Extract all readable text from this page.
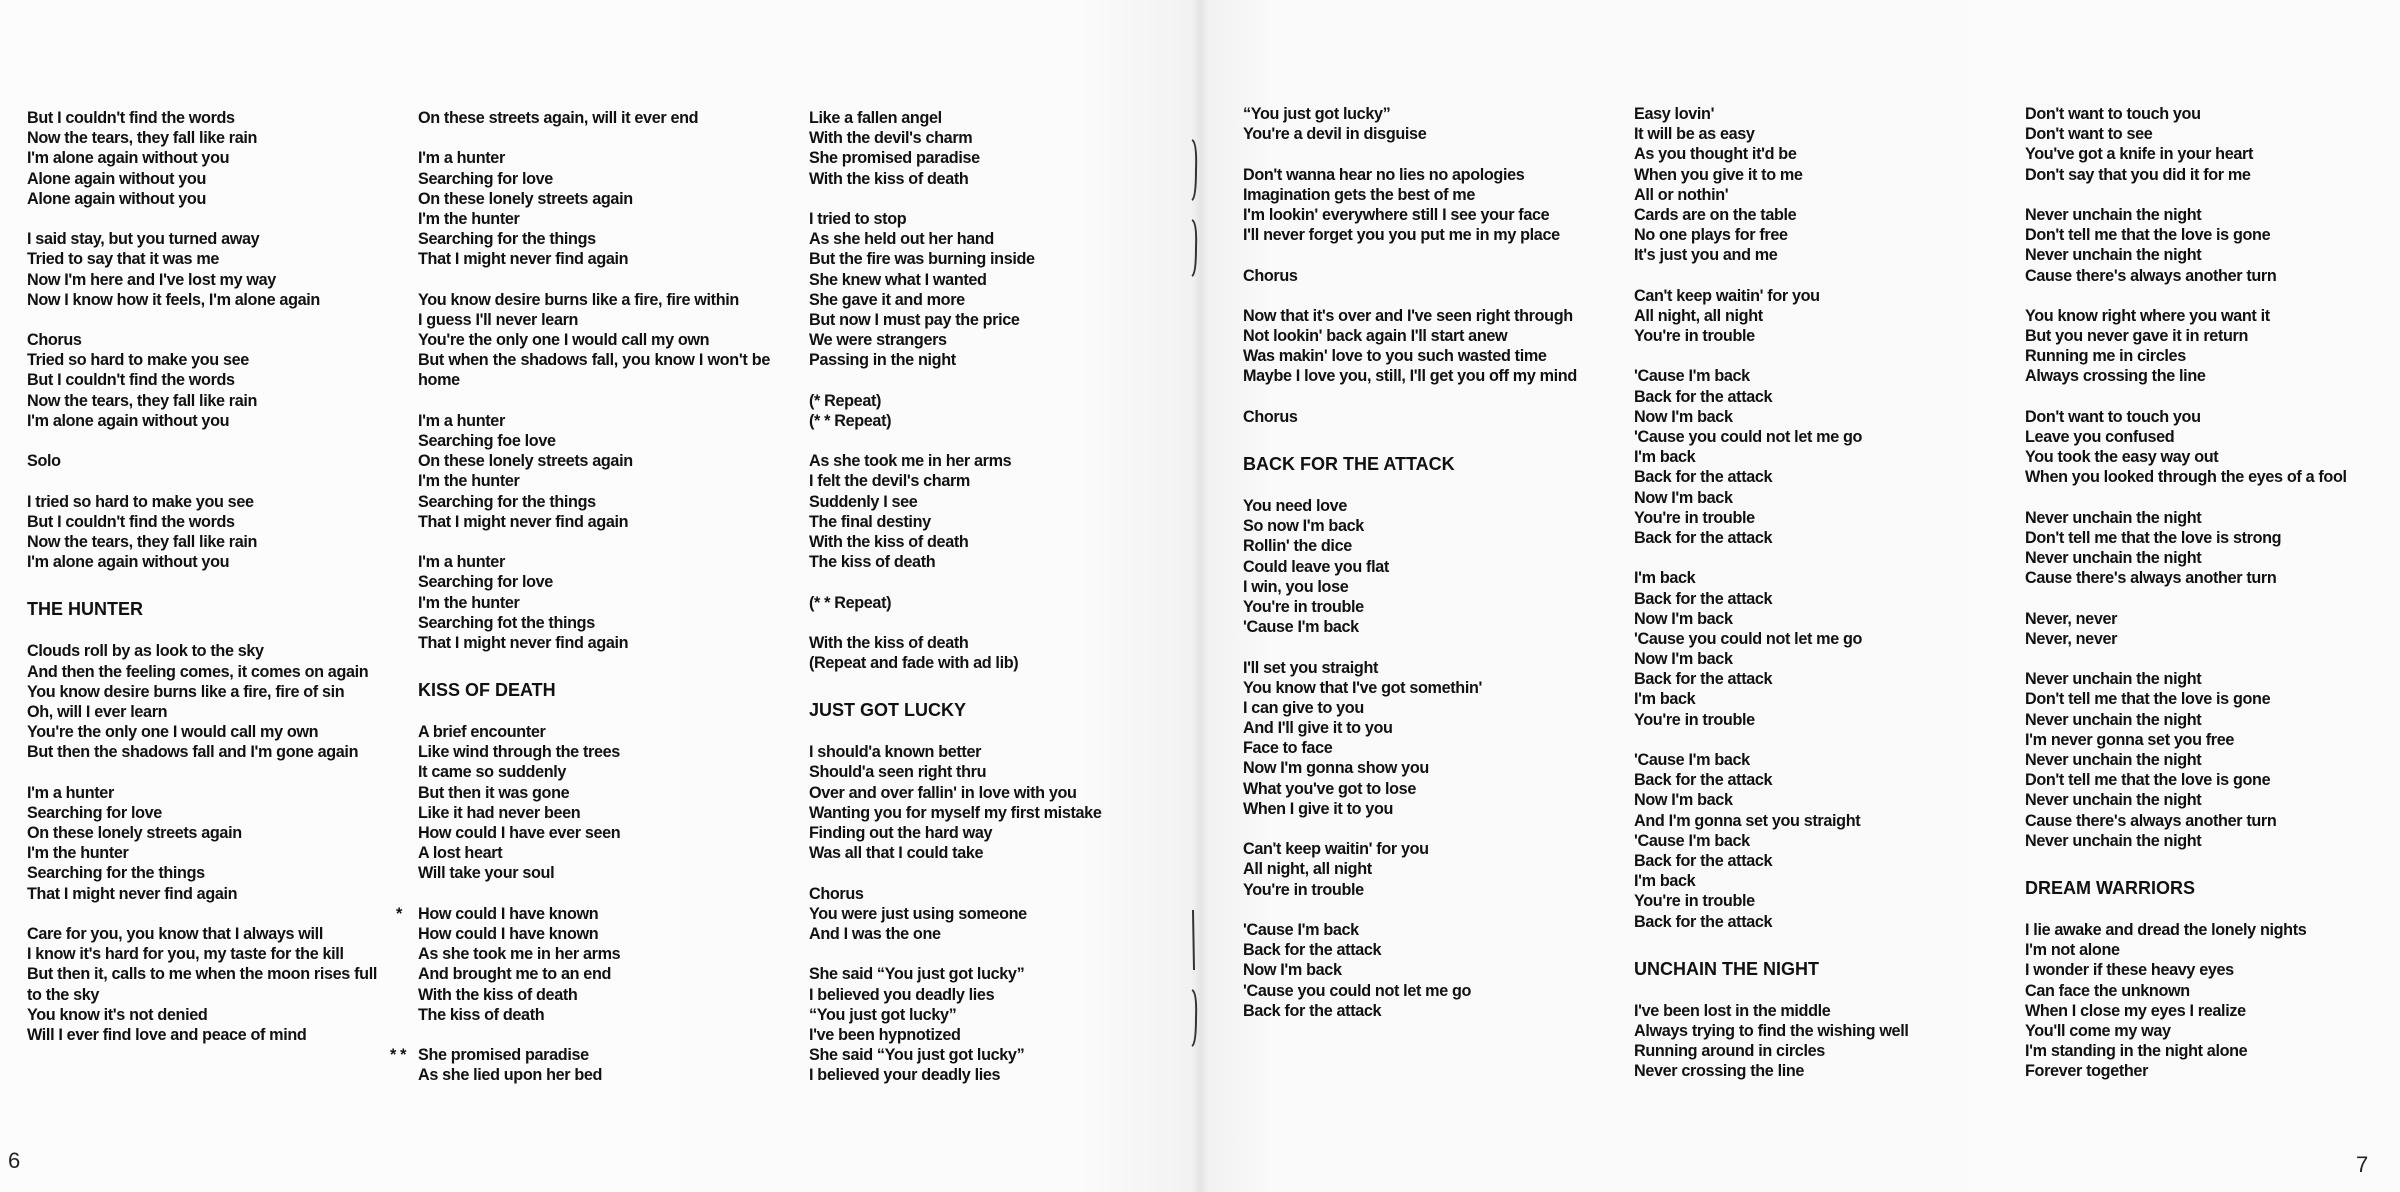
But I couldn't find the words
Now the tears, they fall like rain
I'm alone again without you
Alone again without you
Alone again without you
I said stay, but you turned away
Tried to say that it was me
Now I'm here and I've lost my way
Now I know how it feels, I'm alone again
Chorus
Tried so hard to make you see
But I couldn't find the words
Now the tears, they fall like rain
I'm alone again without you
Solo
I tried so hard to make you see
But I couldn't find the words
Now the tears, they fall like rain
I'm alone again without you
THE HUNTER
Clouds roll by as look to the sky
And then the feeling comes, it comes on again
You know desire burns like a fire, fire of sin
Oh, will I ever learn
You're the only one I would call my own
But then the shadows fall and I'm gone again
I'm a hunter
Searching for love
On these lonely streets again
I'm the hunter
Searching for the things
That I might never find again
Care for you, you know that I always will
I know it's hard for you, my taste for the kill
But then it, calls to me when the moon rises full to the sky
You know it's not denied
Will I ever find love and peace of mind
On these streets again, will it ever end
I'm a hunter
Searching for love
On these lonely streets again
I'm the hunter
Searching for the things
That I might never find again
You know desire burns like a fire, fire within
I guess I'll never learn
You're the only one I would call my own
But when the shadows fall, you know I won't be home
I'm a hunter
Searching foe love
On these lonely streets again
I'm the hunter
Searching for the things
That I might never find again
I'm a hunter
Searching for love
I'm the hunter
Searching fot the things
That I might never find again
KISS OF DEATH
A brief encounter
Like wind through the trees
It came so suddenly
But then it was gone
Like it had never been
How could I have ever seen
A lost heart
Will take your soul
* How could I have known
How could I have known
As she took me in her arms
And brought me to an end
With the kiss of death
The kiss of death
* * She promised paradise
As she lied upon her bed
Like a fallen angel
With the devil's charm
She promised paradise
With the kiss of death
I tried to stop
As she held out her hand
But the fire was burning inside
She knew what I wanted
She gave it and more
But now I must pay the price
We were strangers
Passing in the night
(* Repeat)
(* * Repeat)
As she took me in her arms
I felt the devil's charm
Suddenly I see
The final destiny
With the kiss of death
The kiss of death
(* * Repeat)
With the kiss of death
(Repeat and fade with ad lib)
JUST GOT LUCKY
I should'a known better
Should'a seen right thru
Over and over fallin' in love with you
Wanting you for myself my first mistake
Finding out the hard way
Was all that I could take
Chorus
You were just using someone
And I was the one
She said “You just got lucky”
I believed you deadly lies
“You just got lucky”
I've been hypnotized
She said “You just got lucky”
I believed your deadly lies
“You just got lucky”
You're a devil in disguise
Don't wanna hear no lies no apologies
Imagination gets the best of me
I'm lookin' everywhere still I see your face
I'll never forget you you put me in my place
Chorus
Now that it's over and I've seen right through
Not lookin' back again I'll start anew
Was makin' love to you such wasted time
Maybe I love you, still, I'll get you off my mind
Chorus
BACK FOR THE ATTACK
You need love
So now I'm back
Rollin' the dice
Could leave you flat
I win, you lose
You're in trouble
'Cause I'm back
I'll set you straight
You know that I've got somethin'
I can give to you
And I'll give it to you
Face to face
Now I'm gonna show you
What you've got to lose
When I give it to you
Can't keep waitin' for you
All night, all night
You're in trouble
'Cause I'm back
Back for the attack
Now I'm back
'Cause you could not let me go
Back for the attack
Easy lovin'
It will be as easy
As you thought it'd be
When you give it to me
All or nothin'
Cards are on the table
No one plays for free
It's just you and me
Can't keep waitin' for you
All night, all night
You're in trouble
'Cause I'm back
Back for the attack
Now I'm back
'Cause you could not let me go
I'm back
Back for the attack
Now I'm back
You're in trouble
Back for the attack
I'm back
Back for the attack
Now I'm back
'Cause you could not let me go
Now I'm back
Back for the attack
I'm back
You're in trouble
'Cause I'm back
Back for the attack
Now I'm back
And I'm gonna set you straight
'Cause I'm back
Back for the attack
I'm back
You're in trouble
Back for the attack
UNCHAIN THE NIGHT
I've been lost in the middle
Always trying to find the wishing well
Running around in circles
Never crossing the line
Don't want to touch you
Don't want to see
You've got a knife in your heart
Don't say that you did it for me
Never unchain the night
Don't tell me that the love is gone
Never unchain the night
Cause there's always another turn
You know right where you want it
But you never gave it in return
Running me in circles
Always crossing the line
Don't want to touch you
Leave you confused
You took the easy way out
When you looked through the eyes of a fool
Never unchain the night
Don't tell me that the love is strong
Never unchain the night
Cause there's always another turn
Never, never
Never, never
Never unchain the night
Don't tell me that the love is gone
Never unchain the night
I'm never gonna set you free
Never unchain the night
Don't tell me that the love is gone
Never unchain the night
Cause there's always another turn
Never unchain the night
DREAM WARRIORS
I lie awake and dread the lonely nights
I'm not alone
I wonder if these heavy eyes
Can face the unknown
When I close my eyes I realize
You'll come my way
I'm standing in the night alone
Forever together
6	7
